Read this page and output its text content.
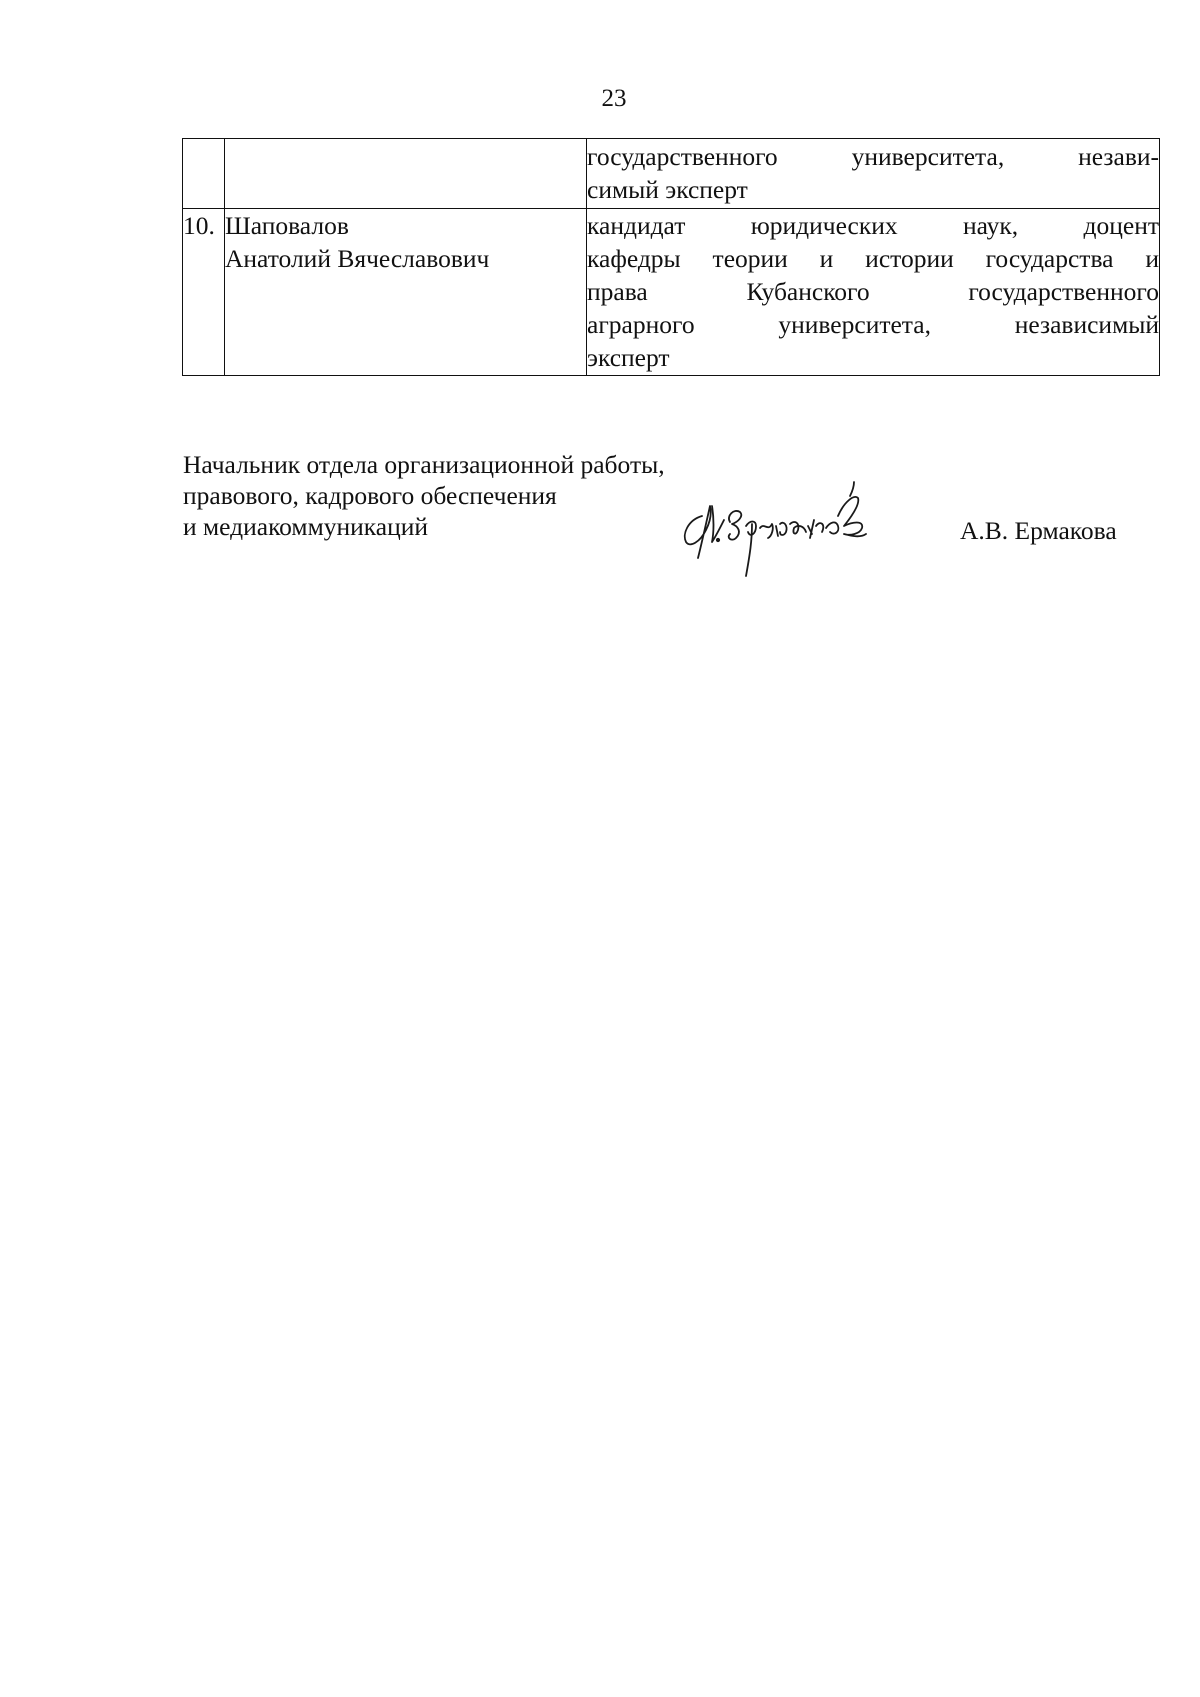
23

		государственного университета, незави-
симый эксперт

10.	Шаповалов
Анатолий Вячеславович	кандидат юридических наук, доцент
кафедры теории и истории государства и
права Кубанского государственного
аграрного университета, независимый
эксперт
Начальник отдела организационной работы,
правового, кадрового обеспечения
и медиакоммуникаций	А.В. Ермакова
